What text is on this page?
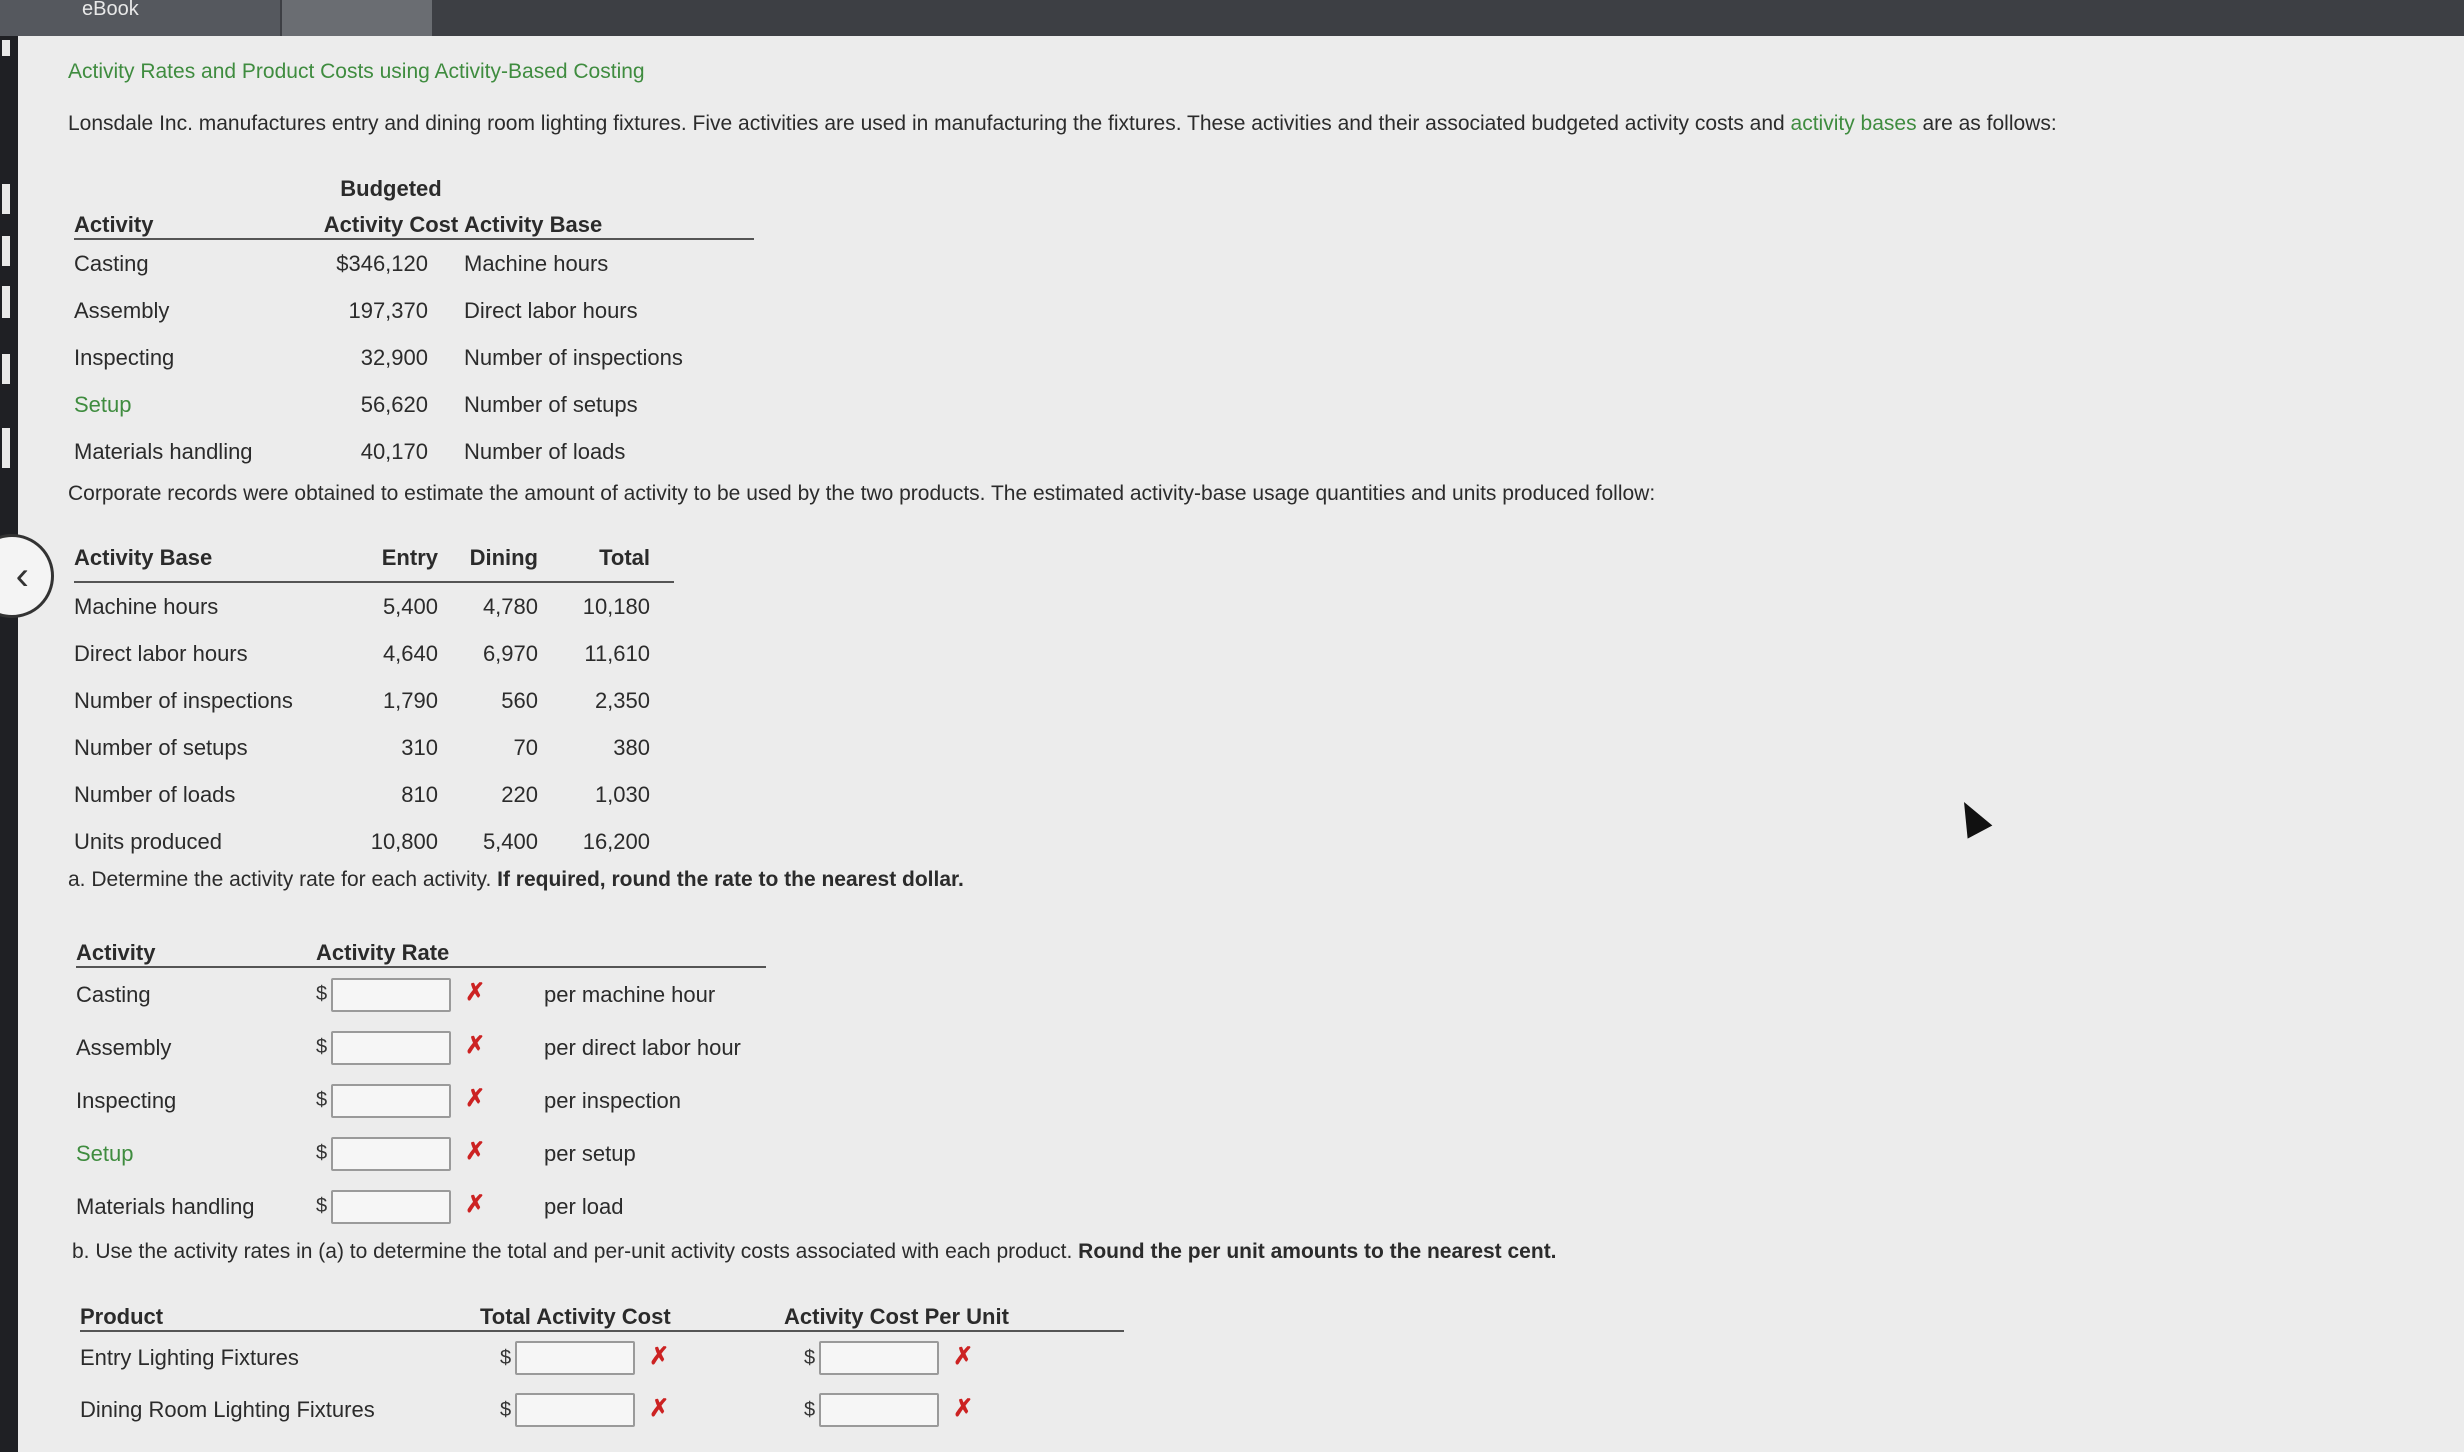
eBook
‹
Activity Rates and Product Costs using Activity-Based Costing
Lonsdale Inc. manufactures entry and dining room lighting fixtures. Five activities are used in manufacturing the fixtures. These activities and their associated budgeted activity costs and activity bases are as follows:
	Budgeted	
Activity	Activity Cost	Activity Base
Casting	$346,120	Machine hours
Assembly	197,370	Direct labor hours
Inspecting	32,900	Number of inspections
Setup	56,620	Number of setups
Materials handling	40,170	Number of loads
Corporate records were obtained to estimate the amount of activity to be used by the two products. The estimated activity-base usage quantities and units produced follow:
Activity Base	Entry	Dining	Total
Machine hours	5,400	4,780	10,180
Direct labor hours	4,640	6,970	11,610
Number of inspections	1,790	560	2,350
Number of setups	310	70	380
Number of loads	810	220	1,030
Units produced	10,800	5,400	16,200
a. Determine the activity rate for each activity. If required, round the rate to the nearest dollar.
Activity	Activity Rate	
Casting	$ ✗	per machine hour
Assembly	$ ✗	per direct labor hour
Inspecting	$ ✗	per inspection
Setup	$ ✗	per setup
Materials handling	$ ✗	per load
b. Use the activity rates in (a) to determine the total and per-unit activity costs associated with each product. Round the per unit amounts to the nearest cent.
Product	Total Activity Cost	Activity Cost Per Unit
Entry Lighting Fixtures	$ ✗	$ ✗
Dining Room Lighting Fixtures	$ ✗	$ ✗
